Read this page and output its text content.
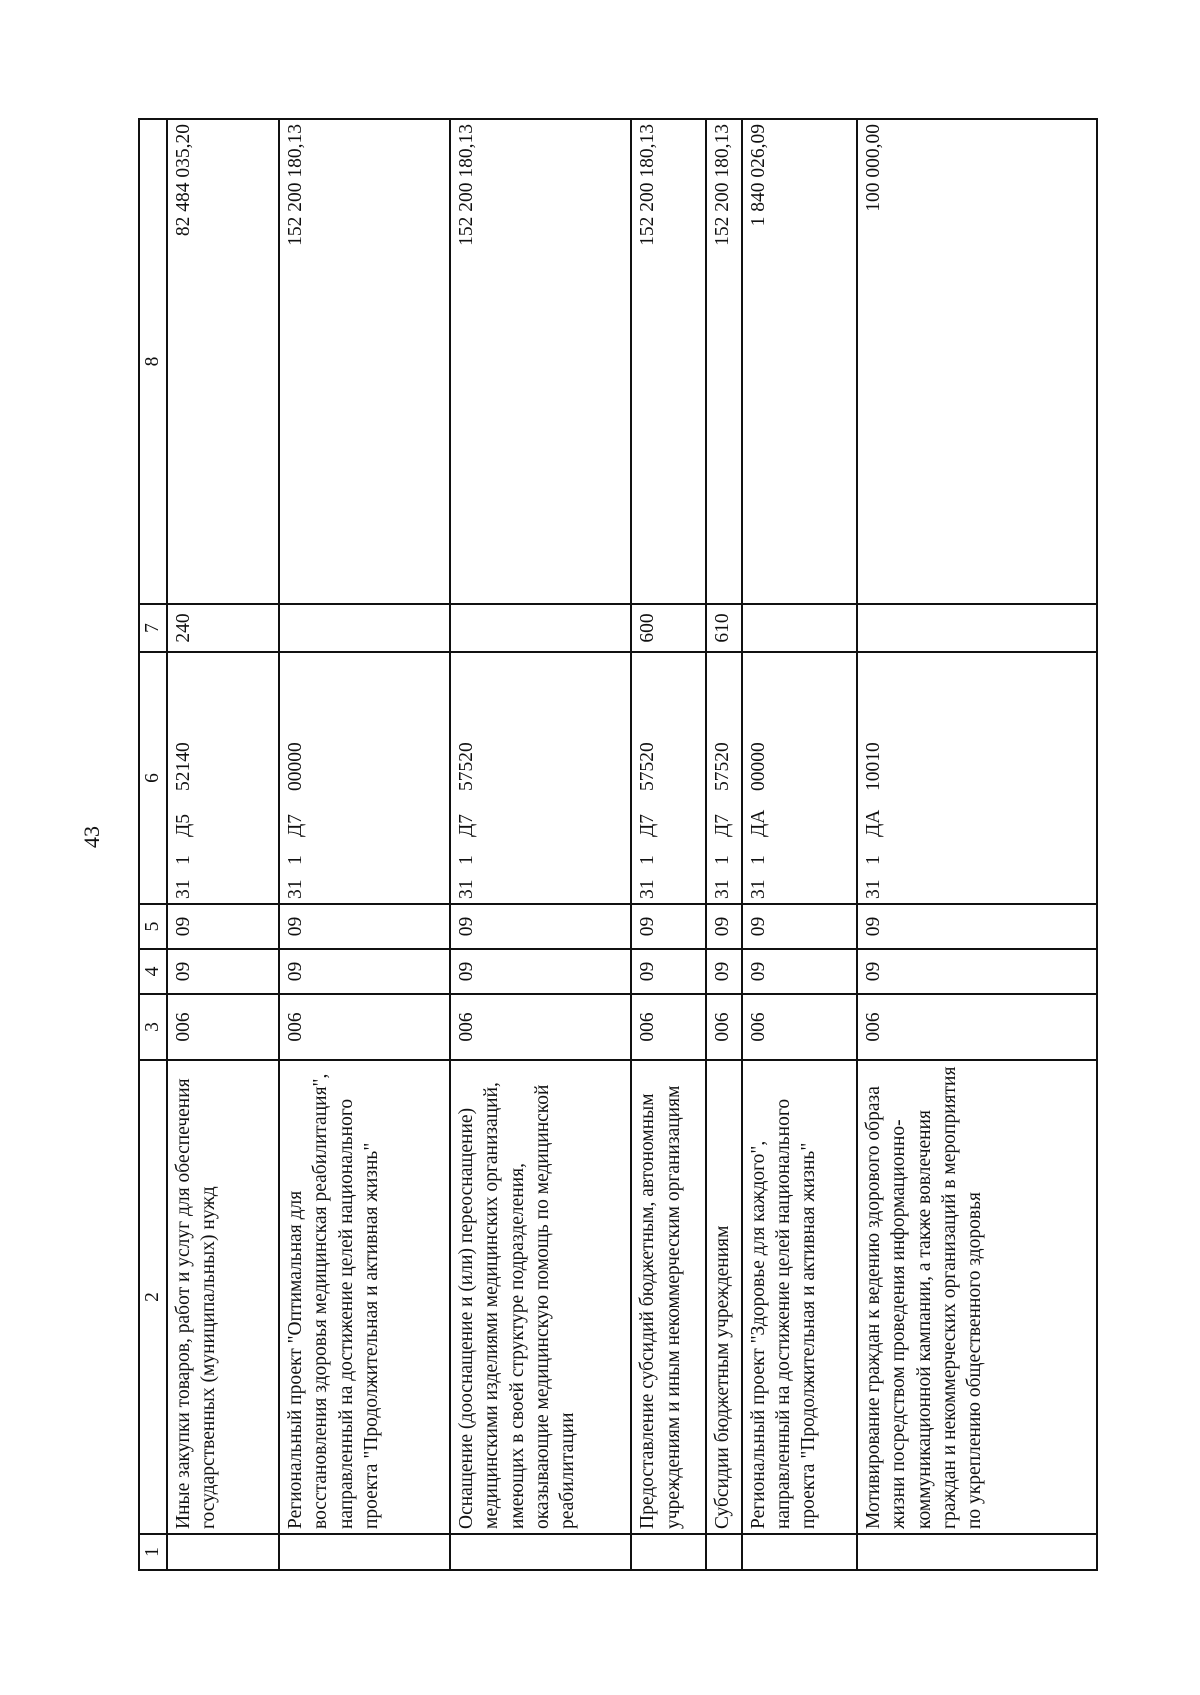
43
1	2	3	4	5	6	7	8
	Иные закупки товаров, работ и услуг для обеспечения государственных (муниципальных) нужд	006	09	09	311Д552140	240	82 484 035,20
	Региональный проект "Оптимальная для восстановления здоровья медицинская реабилитация", направленный на достижение целей национального проекта "Продолжительная и активная жизнь"	006	09	09	311Д700000		152 200 180,13
	Оснащение (дооснащение и (или) переоснащение) медицинскими изделиями медицинских организаций, имеющих в своей структуре подразделения, оказывающие медицинскую помощь по медицинской реабилитации	006	09	09	311Д757520		152 200 180,13
	Предоставление субсидий бюджетным, автономным учреждениям и иным некоммерческим организациям	006	09	09	311Д757520	600	152 200 180,13
	Субсидии бюджетным учреждениям	006	09	09	311Д757520	610	152 200 180,13
	Региональный проект "Здоровье для каждого", направленный на достижение целей национального проекта "Продолжительная и активная жизнь"	006	09	09	311ДА00000		1 840 026,09
	Мотивирование граждан к ведению здорового образа жизни посредством проведения информационно-коммуникационной кампании, а также вовлечения граждан и некоммерческих организаций в мероприятия по укреплению общественного здоровья	006	09	09	311ДА10010		100 000,00
